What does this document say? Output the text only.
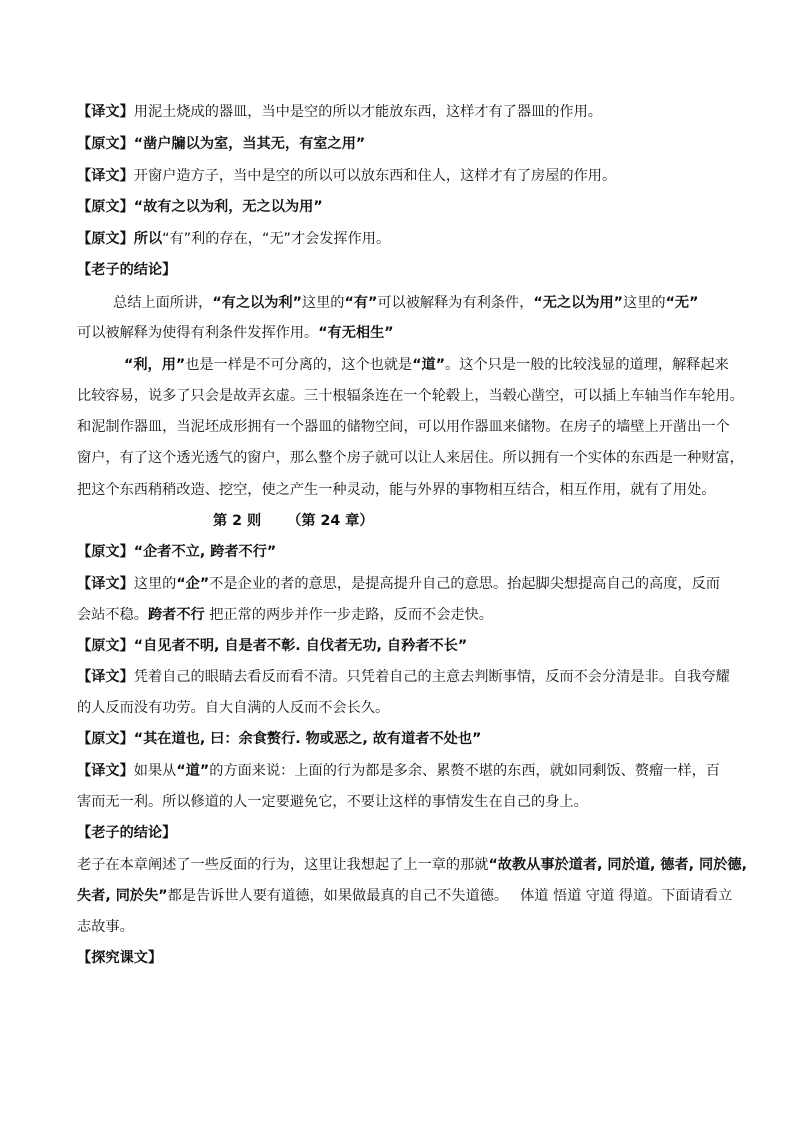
【译文】用泥土烧成的器皿，当中是空的所以才能放东西，这样才有了器皿的作用。
【原文】“凿户牖以为室，当其无，有室之用”
【译文】开窗户造方子，当中是空的所以可以放东西和住人，这样才有了房屋的作用。
【原文】“故有之以为利，无之以为用”
【原文】所以“有”利的存在，“无”才会发挥作用。
【老子的结论】
总结上面所讲，“有之以为利”这里的“有”可以被解释为有利条件，“无之以为用”这里的“无”
可以被解释为使得有利条件发挥作用。“有无相生”
“利，用”也是一样是不可分离的，这个也就是“道”。这个只是一般的比较浅显的道理，解释起来
比较容易，说多了只会是故弄玄虚。三十根辐条连在一个轮毂上，当毂心凿空，可以插上车轴当作车轮用。
和泥制作器皿，当泥坯成形拥有一个器皿的储物空间，可以用作器皿来储物。在房子的墙壁上开凿出一个
窗户，有了这个透光透气的窗户，那么整个房子就可以让人来居住。所以拥有一个实体的东西是一种财富，
把这个东西稍稍改造、挖空，使之产生一种灵动，能与外界的事物相互结合，相互作用，就有了用处。
第 2 则 （第 24 章）
【原文】“企者不立, 跨者不行”
【译文】这里的“企”不是企业的者的意思，是提高提升自己的意思。抬起脚尖想提高自己的高度，反而
会站不稳。跨者不行 把正常的两步并作一步走路，反而不会走快。
【原文】“自见者不明, 自是者不彰. 自伐者无功, 自矜者不长”
【译文】凭着自己的眼睛去看反而看不清。只凭着自己的主意去判断事情，反而不会分清是非。自我夸耀
的人反而没有功劳。自大自满的人反而不会长久。
【原文】“其在道也, 曰：余食赘行. 物或恶之, 故有道者不处也”
【译文】如果从“道”的方面来说：上面的行为都是多余、累赘不堪的东西，就如同剩饭、赘瘤一样，百
害而无一利。所以修道的人一定要避免它，不要让这样的事情发生在自己的身上。
【老子的结论】
老子在本章阐述了一些反面的行为，这里让我想起了上一章的那就“故教从事於道者, 同於道, 德者, 同於德,
失者, 同於失”都是告诉世人要有道德，如果做最真的自己不失道德。 体道 悟道 守道 得道。下面请看立
志故事。
【探究课文】
